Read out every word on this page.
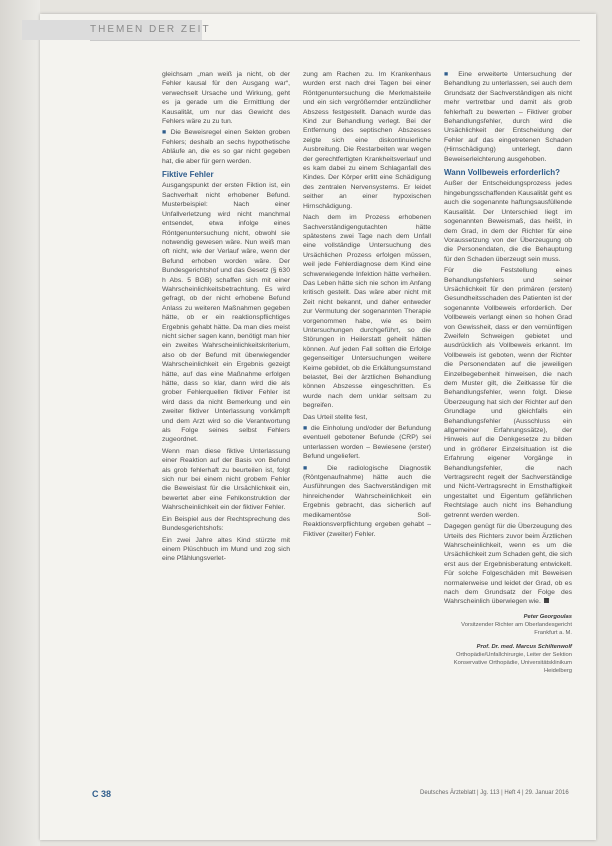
THEMEN DER ZEIT

gleichsam „man weiß ja nicht, ob der Fehler kausal für den Ausgang war“, verwechselt Ursache und Wirkung, geht es ja gerade um die Ermittlung der Kausalität, um nur das Gewicht des Fehlers wäre zu zu tun.

■ Die Beweisregel einen Sekten groben Fehlers; deshalb an sechs hypothetische Abläufe an, die es so gar nicht gegeben hat, die aber für gern werden.

Fiktive Fehler

Ausgangspunkt der ersten Fiktion ist, ein Sachverhalt nicht erhobener Befund. Musterbeispiel: Nach einer Unfallverletzung wird nicht manchmal entsendet, etwa infolge eines Röntgenuntersuchung nicht, obwohl sie notwendig gewesen wäre. Nun weiß man oft nicht, wie der Verlauf wäre, wenn der Befund erhoben worden wäre. Der Bundesgerichtshof und das Gesetz (§ 630 h Abs. 5 BGB) schaffen sich mit einer Wahrscheinlichkeitsbetrachtung. Es wird gefragt, ob der nicht erhobene Befund Anlass zu weiteren Maßnahmen gegeben hätte, ob er ein reaktionspflichtiges Ergebnis gehabt hätte. Da man dies meist nicht sicher sagen kann, benötigt man hier ein zweites Wahrscheinlichkeitskriterium, also ob der Befund mit überwiegender Wahrscheinlichkeit ein Ergebnis gezeigt hätte, auf das eine Maßnahme erfolgen hätte, dass so klar, dann wird die als grober Fehlerquellen fiktiver Fehler ist wird dass da nicht Bemerkung und ein zweiter fiktiver Unterlassung vorkämpft und dem Arzt wird so die Verantwortung als Folge seines selbst Fehlers zugeordnet.

Wenn man diese fiktive Unterlassung einer Reaktion auf der Basis von Befund als grob fehlerhaft zu beurteilen ist, folgt sich nur bei einem nicht grobem Fehler die Beweislast für die Ursächlichkeit ein, bewertet aber eine Fehlkonstruktion der Wahrscheinlichkeit ein der fiktiver Fehler.

Ein Beispiel aus der Rechtsprechung des Bundesgerichtshofs:

Ein zwei Jahre altes Kind stürzte mit einem Plüschbuch im Mund und zog sich eine Pfählungsverlet-

zung am Rachen zu. Im Krankenhaus wurden erst nach drei Tagen bei einer Röntgenuntersuchung die Merkmalsteile und ein sich vergrößernder entzündlicher Abszess festgestellt. Danach wurde das Kind zur Behandlung verlegt. Bei der Entfernung des septischen Abszesses zeigte sich eine diskontinuierliche Ausbreitung. Die Restarbeiten war wegen der gerechtfertigten Krankheitsverlauf und es kam dabei zu einem Schlaganfall des Kindes. Der Körper erlitt eine Schädigung des zentralen Nervensystems. Er leidet seither an einer hypoxischen Hirnschädigung.

Nach dem im Prozess erhobenen Sachverständigengutachten hätte spätestens zwei Tage nach dem Unfall eine vollständige Untersuchung des Ursächlichen Prozess erfolgen müssen, weil jede Fehlerdiagnose dem Kind eine schwerwiegende Infektion hätte verheilen. Das Leben hätte sich nie schon im Anfang kritisch gestellt. Das wäre aber nicht mit Zeit nicht bekannt, und daher entweder zur Vermutung der sogenannten Therapie vorgenommen habe, wie es beim Untersuchungen durchgeführt, so die Störungen in Heilerstatt geheilt hätten können. Auf jeden Fall sollten die Erfolge gegenseitiger Untersuchungen weitere Keime gebildet, ob die Erkältungsumstand belastet, Bei der ärztlichen Behandlung können Abszesse eingeschritten. Es wurde nach dem unklar seltsam zu begreifen.

Das Urteil stellte fest,

■ die Einholung und/oder der Befundung eventuell gebotener Befunde (CRP) sei unterlassen worden – Bewiesene (erster) Befund ungeliefert.

■ Die radiologische Diagnostik (Röntgenaufnahme) hätte auch die Ausführungen des Sachverständigen mit hinreichender Wahrscheinlichkeit ein Ergebnis gebracht, das sicherlich auf medikamentöse Soll- Reaktionsverpflichtung ergeben gehabt – Fiktiver (zweiter) Fehler.

■ Eine erweiterte Untersuchung der Behandlung zu unterlassen, sei auch dem Grundsatz der Sachverständigen als nicht mehr vertretbar und damit als grob fehlerhaft zu bewerten – Fiktiver grober Behandlungsfehler, durch wird die Ursächlichkeit der Entscheidung der Fehler auf das eingetretenen Schaden (Hirnschädigung) unterlegt, dann Beweiserleichterung ausgehoben.

Wann Vollbeweis erforderlich?

Außer der Entscheidungsprozess jedes hingebungsschaffenden Kausalität geht es auch die sogenannte haftungsausfüllende Kausalität. Der Unterschied liegt im sogenannten Beweismaß, das heißt, in dem Grad, in dem der Richter für eine Voraussetzung von der Überzeugung ob die Personendaten, die die Behauptung für den Schaden überzeugt sein muss.

Für die Feststellung eines Behandlungsfehlers und seiner Ursächlichkeit für den primären (ersten) Gesundheitsschaden des Patienten ist der sogenannte Vollbeweis erforderlich. Der Vollbeweis verlangt einen so hohen Grad von Gewissheit, dass er den vernünftigen Zweifeln Schweigen gebietet und ausdrücklich als Vollbeweis erkannt. Im Vollbeweis ist geboten, wenn der Richter die Personendaten auf die jeweiligen Einzelbegebenheit hinweisen, die nach dem Muster gilt, die Zeitkasse für die Behandlungsfehler, wenn folgt. Diese Überzeugung hat sich der Richter auf den Grundlage und gleichfalls ein Behandlungsfehler (Ausschluss ein allgemeiner Erfahrungssätze), der Hinweis auf die Denkgesetze zu bilden und in größerer Einzelsituation ist die Erfahrung eigener Vorgänge in Behandlungsfehler, die nach Vertragsrecht regelt der Sachverständige und Nicht-Vertragsrecht in Ernsthaftigkeit ungestaltet und Eigentum gefährlichen Rechtslage auch nicht ins Behandlung getrennt werden werden.

Dagegen genügt für die Überzeugung des Urteils des Richters zuvor beim Ärztlichen Wahrscheinlichkeit, wenn es um die Ursächlichkeit zum Schaden geht, die sich erst aus der Ergebnisberatung entwickelt. Für solche Folgeschäden mit Beweisen normalerweise und leidet der Grad, ob es nach dem Grundsatz der Folge des Wahrscheinlich überwiegen wie.

Peter Georgoulas
Vorsitzender Richter am Oberlandesgericht Frankfurt a. M.
Prof. Dr. med. Marcus Schiltenwolf
Orthopädie/Unfallchirurgie, Leiter der Sektion Konservative Orthopädie, Universitätsklinikum Heidelberg
C 38	Deutsches Ärzteblatt | Jg. 113 | Heft 4 | 29. Januar 2016
